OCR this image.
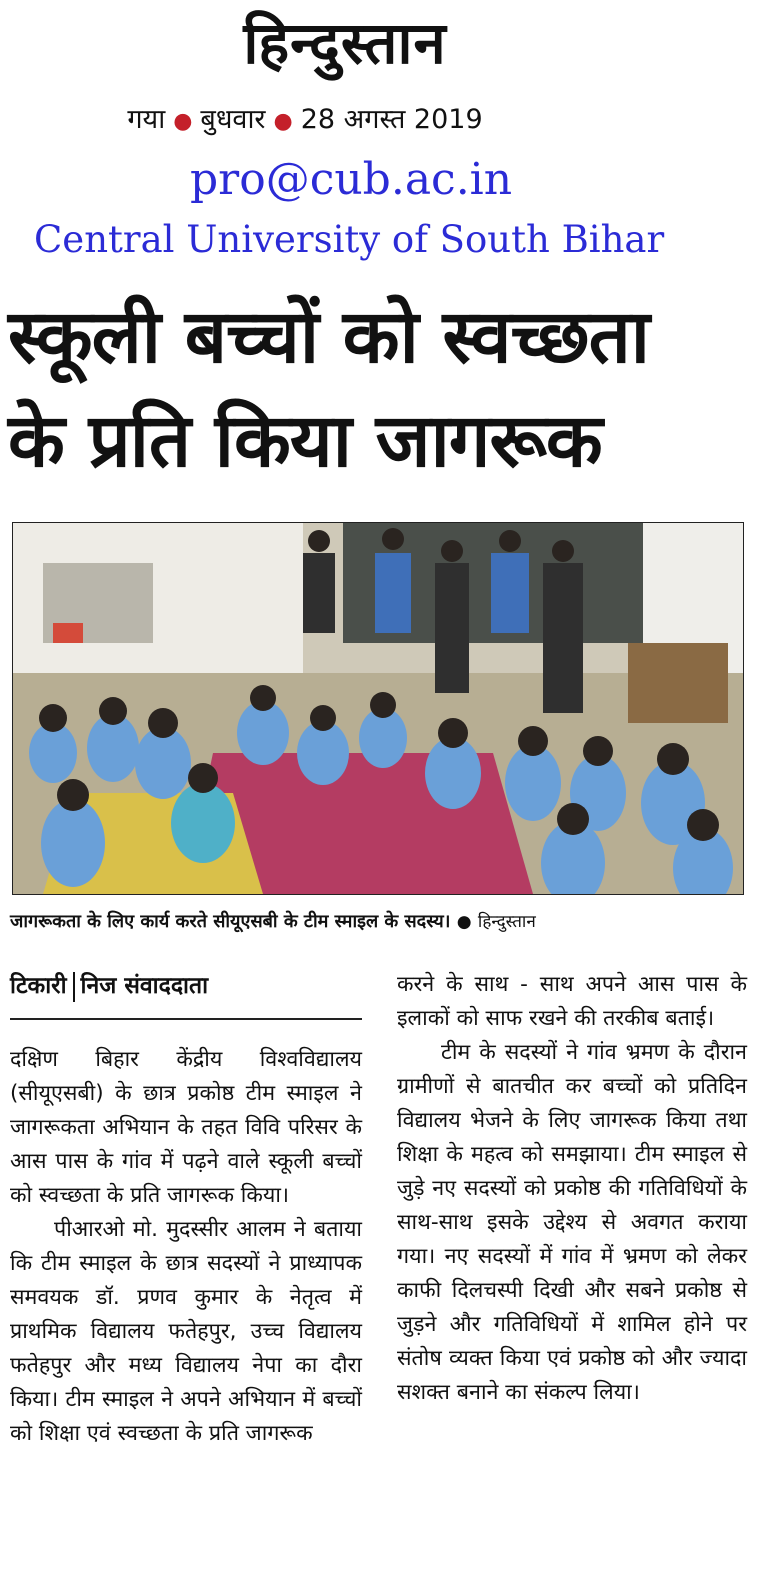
हिन्दुस्तान
गया ● बुधवार ● 28 अगस्त 2019
pro@cub.ac.in
Central University of South Bihar
स्कूली बच्चों को स्वच्छता
के प्रति किया जागरूक
जागरूकता के लिए कार्य करते सीयूएसबी के टीम स्माइल के सदस्य। ● हिन्दुस्तान
टिकारी निज संवाददाता

दक्षिण बिहार केंद्रीय विश्वविद्यालय (सीयूएसबी) के छात्र प्रकोष्ठ टीम स्माइल ने जागरूकता अभियान के तहत विवि परिसर के आस पास के गांव में पढ़ने वाले स्कूली बच्चों को स्वच्छता के प्रति जागरूक किया।

पीआरओ मो. मुदस्सीर आलम ने बताया कि टीम स्माइल के छात्र सदस्यों ने प्राध्यापक समवयक डॉ. प्रणव कुमार के नेतृत्व में प्राथमिक विद्यालय फतेहपुर, उच्च विद्यालय फतेहपुर और मध्य विद्यालय नेपा का दौरा किया। टीम स्माइल ने अपने अभियान में बच्चों को शिक्षा एवं स्वच्छता के प्रति जागरूक

करने के साथ - साथ अपने आस पास के इलाकों को साफ रखने की तरकीब बताई।

टीम के सदस्यों ने गांव भ्रमण के दौरान ग्रामीणों से बातचीत कर बच्चों को प्रतिदिन विद्यालय भेजने के लिए जागरूक किया तथा शिक्षा के महत्व को समझाया। टीम स्माइल से जुड़े नए सदस्यों को प्रकोष्ठ की गतिविधियों के साथ-साथ इसके उद्देश्य से अवगत कराया गया। नए सदस्यों में गांव में भ्रमण को लेकर काफी दिलचस्पी दिखी और सबने प्रकोष्ठ से जुड़ने और गतिविधियों में शामिल होने पर संतोष व्यक्त किया एवं प्रकोष्ठ को और ज्यादा सशक्त बनाने का संकल्प लिया।
